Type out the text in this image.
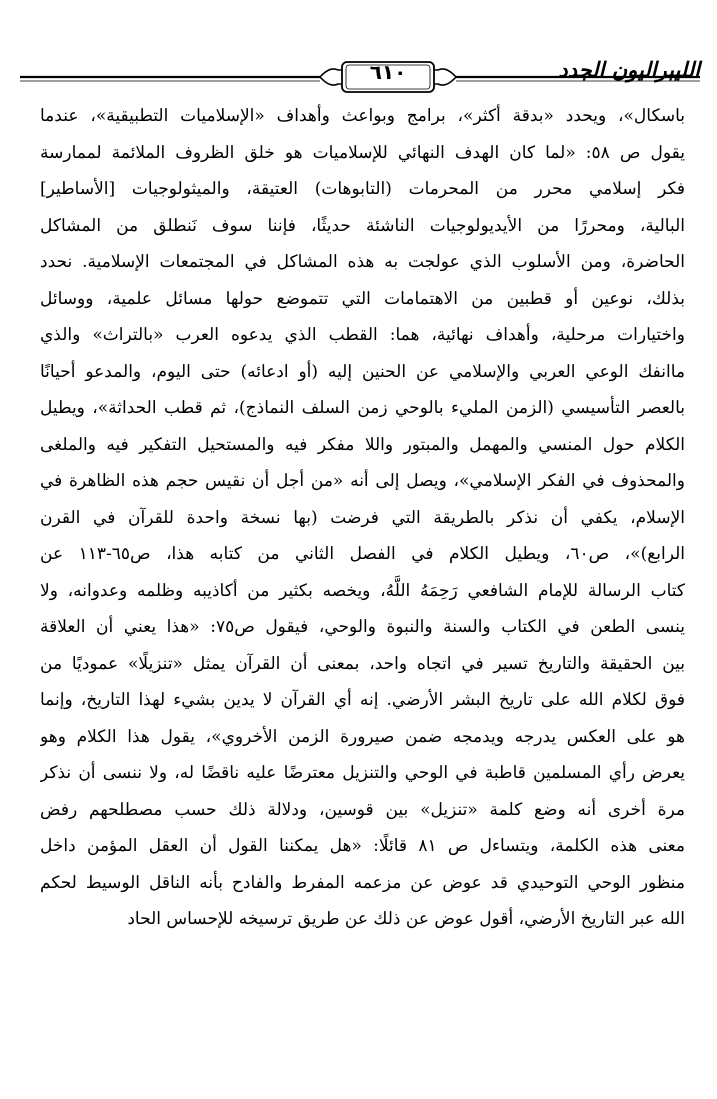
٦١٠	الليبراليون الجدد
باسكال»، ويحدد «بدقة أكثر»، برامج وبواعث وأهداف «الإسلاميات التطبيقية»، عندما
يقول ص ٥٨: «لما كان الهدف النهائي للإسلاميات هو خلق الظروف الملائمة لممارسة
فكر إسلامي محرر من المحرمات (التابوهات) العتيقة، والميثولوجيات [الأساطير]
البالية، ومحررًا من الأيديولوجيات الناشئة حديثًا، فإننا سوف نَنطلق من المشاكل
الحاضرة، ومن الأسلوب الذي عولجت به هذه المشاكل في المجتمعات الإسلامية. نحدد
بذلك، نوعين أو قطبين من الاهتمامات التي تتموضع حولها مسائل علمية، ووسائل
واختيارات مرحلية، وأهداف نهائية، هما: القطب الذي يدعوه العرب «بالتراث» والذي
ماانفك الوعي العربي والإسلامي عن الحنين إليه (أو ادعائه) حتى اليوم، والمدعو أحيانًا
بالعصر التأسيسي (الزمن المليء بالوحي زمن السلف النماذج)، ثم قطب الحداثة»، ويطيل
الكلام حول المنسي والمهمل والمبتور واللا مفكر فيه والمستحيل التفكير فيه والملغى
والمحذوف في الفكر الإسلامي»، ويصل إلى أنه «من أجل أن نقيس حجم هذه الظاهرة في
الإسلام، يكفي أن نذكر بالطريقة التي فرضت (بها نسخة واحدة للقرآن في القرن
الرابع)»، ص٦٠، ويطيل الكلام في الفصل الثاني من كتابه هذا، ص٦٥-١١٣ عن
كتاب الرسالة للإمام الشافعي رَحِمَهُ اللَّهُ، ويخصه بكثير من أكاذيبه وظلمه وعدوانه، ولا
ينسى الطعن في الكتاب والسنة والنبوة والوحي، فيقول ص٧٥: «هذا يعني أن العلاقة
بين الحقيقة والتاريخ تسير في اتجاه واحد، بمعنى أن القرآن يمثل «تنزيلًا» عموديًا من
فوق لكلام الله على تاريخ البشر الأرضي. إنه أي القرآن لا يدين بشيء لهذا التاريخ، وإنما
هو على العكس يدرجه ويدمجه ضمن صيرورة الزمن الأخروي»، يقول هذا الكلام وهو
يعرض رأي المسلمين قاطبة في الوحي والتنزيل معترضًا عليه ناقضًا له، ولا ننسى أن نذكر
مرة أخرى أنه وضع كلمة «تنزيل» بين قوسين، ودلالة ذلك حسب مصطلحهم رفض
معنى هذه الكلمة، ويتساءل ص ٨١ قائلًا: «هل يمكننا القول أن العقل المؤمن داخل
منظور الوحي التوحيدي قد عوض عن مزعمه المفرط والفادح بأنه الناقل الوسيط لحكم
الله عبر التاريخ الأرضي، أقول عوض عن ذلك عن طريق ترسيخه للإحساس الحاد
